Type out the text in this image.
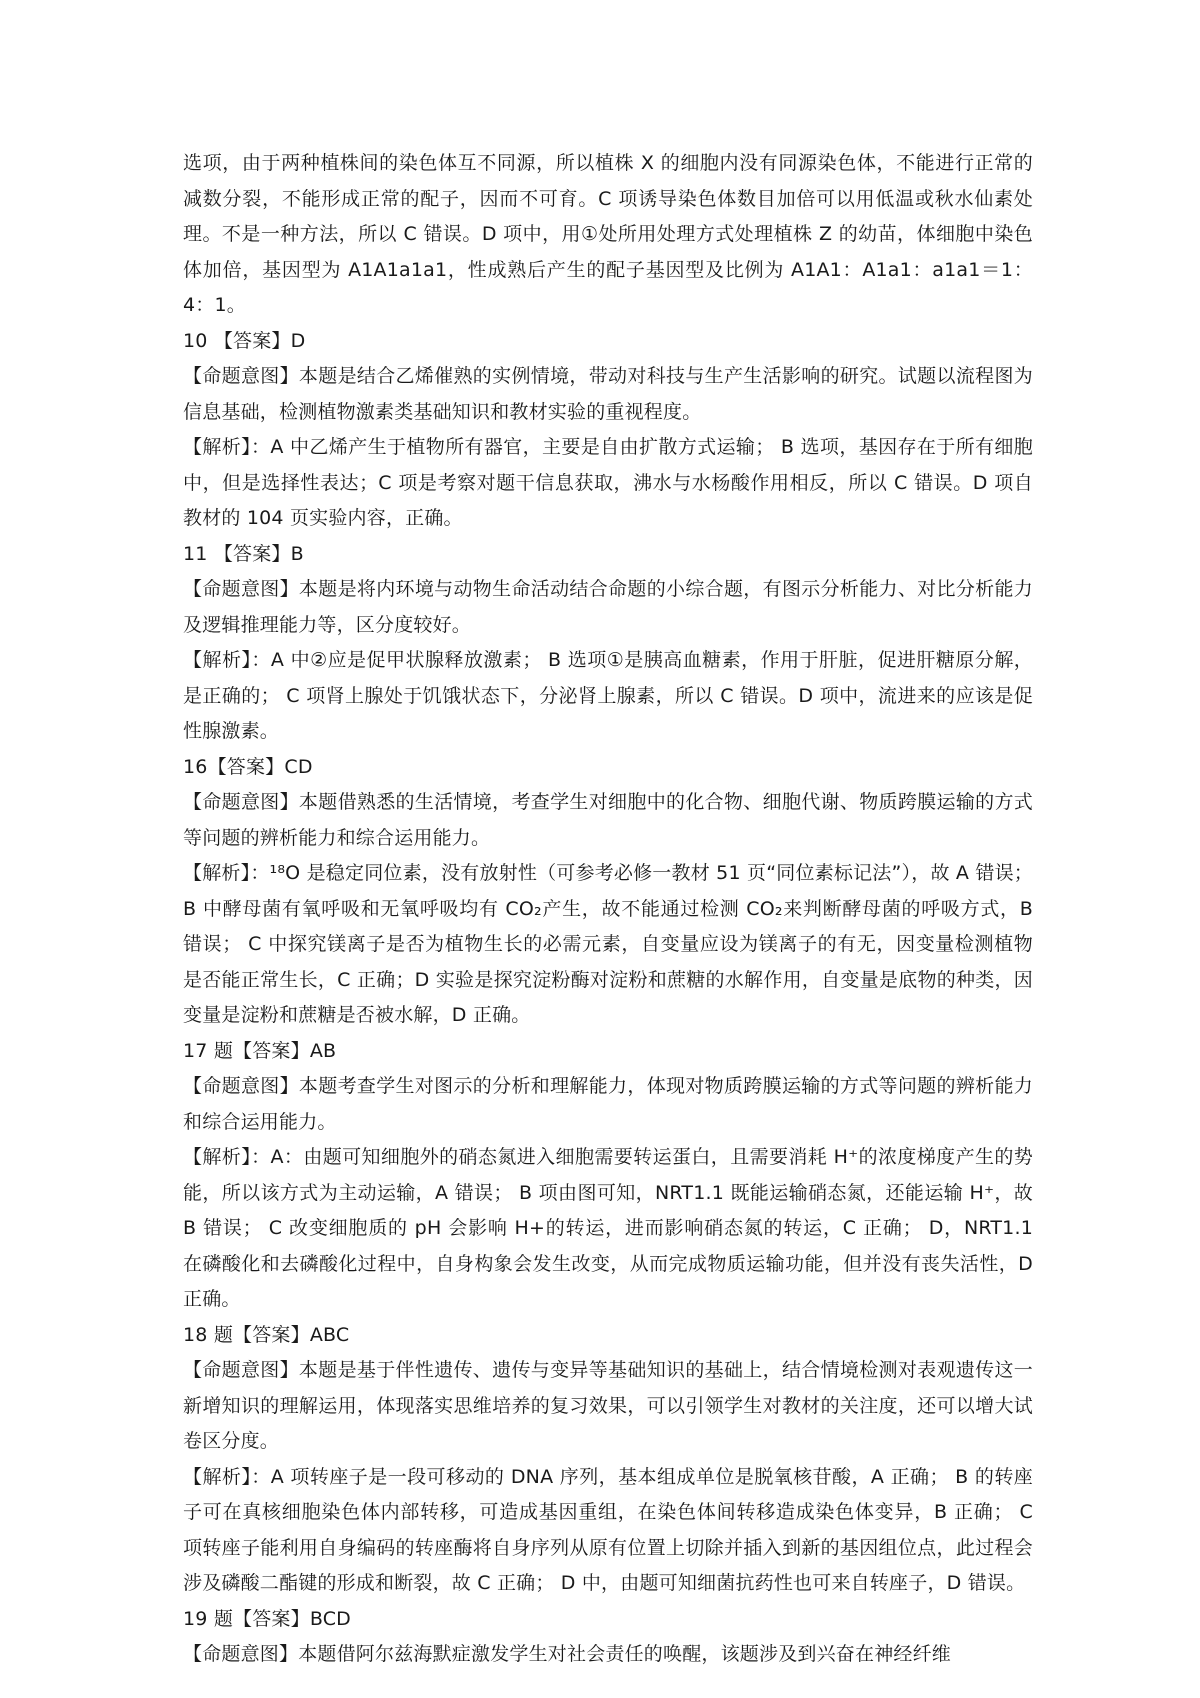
选项，由于两种植株间的染色体互不同源，所以植株 X 的细胞内没有同源染色体，不能进行正常的减数分裂，不能形成正常的配子，因而不可育。C 项诱导染色体数目加倍可以用低温或秋水仙素处理。不是一种方法，所以 C 错误。D 项中，用①处所用处理方式处理植株 Z 的幼苗，体细胞中染色体加倍，基因型为 A1A1a1a1，性成熟后产生的配子基因型及比例为 A1A1：A1a1：a1a1＝1：4：1。

10 【答案】D

【命题意图】本题是结合乙烯催熟的实例情境，带动对科技与生产生活影响的研究。试题以流程图为信息基础，检测植物激素类基础知识和教材实验的重视程度。

【解析】：A 中乙烯产生于植物所有器官，主要是自由扩散方式运输； B 选项，基因存在于所有细胞中，但是选择性表达；C 项是考察对题干信息获取，沸水与水杨酸作用相反，所以 C 错误。D 项自教材的 104 页实验内容，正确。

11 【答案】B

【命题意图】本题是将内环境与动物生命活动结合命题的小综合题，有图示分析能力、对比分析能力及逻辑推理能力等，区分度较好。

【解析】：A 中②应是促甲状腺释放激素； B 选项①是胰高血糖素，作用于肝脏，促进肝糖原分解，是正确的； C 项肾上腺处于饥饿状态下，分泌肾上腺素，所以 C 错误。D 项中，流进来的应该是促性腺激素。

16【答案】CD

【命题意图】本题借熟悉的生活情境，考查学生对细胞中的化合物、细胞代谢、物质跨膜运输的方式等问题的辨析能力和综合运用能力。

【解析】：¹⁸O 是稳定同位素，没有放射性（可参考必修一教材 51 页“同位素标记法”），故 A 错误； B 中酵母菌有氧呼吸和无氧呼吸均有 CO₂产生，故不能通过检测 CO₂来判断酵母菌的呼吸方式，B 错误； C 中探究镁离子是否为植物生长的必需元素，自变量应设为镁离子的有无，因变量检测植物是否能正常生长，C 正确；D 实验是探究淀粉酶对淀粉和蔗糖的水解作用，自变量是底物的种类，因变量是淀粉和蔗糖是否被水解，D 正确。

17 题【答案】AB

【命题意图】本题考查学生对图示的分析和理解能力，体现对物质跨膜运输的方式等问题的辨析能力和综合运用能力。

【解析】：A：由题可知细胞外的硝态氮进入细胞需要转运蛋白，且需要消耗 H⁺的浓度梯度产生的势能，所以该方式为主动运输，A 错误； B 项由图可知，NRT1.1 既能运输硝态氮，还能运输 H⁺，故 B 错误； C 改变细胞质的 pH 会影响 H+的转运，进而影响硝态氮的转运，C 正确； D，NRT1.1 在磷酸化和去磷酸化过程中，自身构象会发生改变，从而完成物质运输功能，但并没有丧失活性，D 正确。

18 题【答案】ABC

【命题意图】本题是基于伴性遗传、遗传与变异等基础知识的基础上，结合情境检测对表观遗传这一新增知识的理解运用，体现落实思维培养的复习效果，可以引领学生对教材的关注度，还可以增大试卷区分度。

【解析】：A 项转座子是一段可移动的 DNA 序列，基本组成单位是脱氧核苷酸，A 正确； B 的转座子可在真核细胞染色体内部转移，可造成基因重组，在染色体间转移造成染色体变异，B 正确； C 项转座子能利用自身编码的转座酶将自身序列从原有位置上切除并插入到新的基因组位点，此过程会涉及磷酸二酯键的形成和断裂，故 C 正确； D 中，由题可知细菌抗药性也可来自转座子，D 错误。

19 题【答案】BCD

【命题意图】本题借阿尔兹海默症激发学生对社会责任的唤醒，该题涉及到兴奋在神经纤维
